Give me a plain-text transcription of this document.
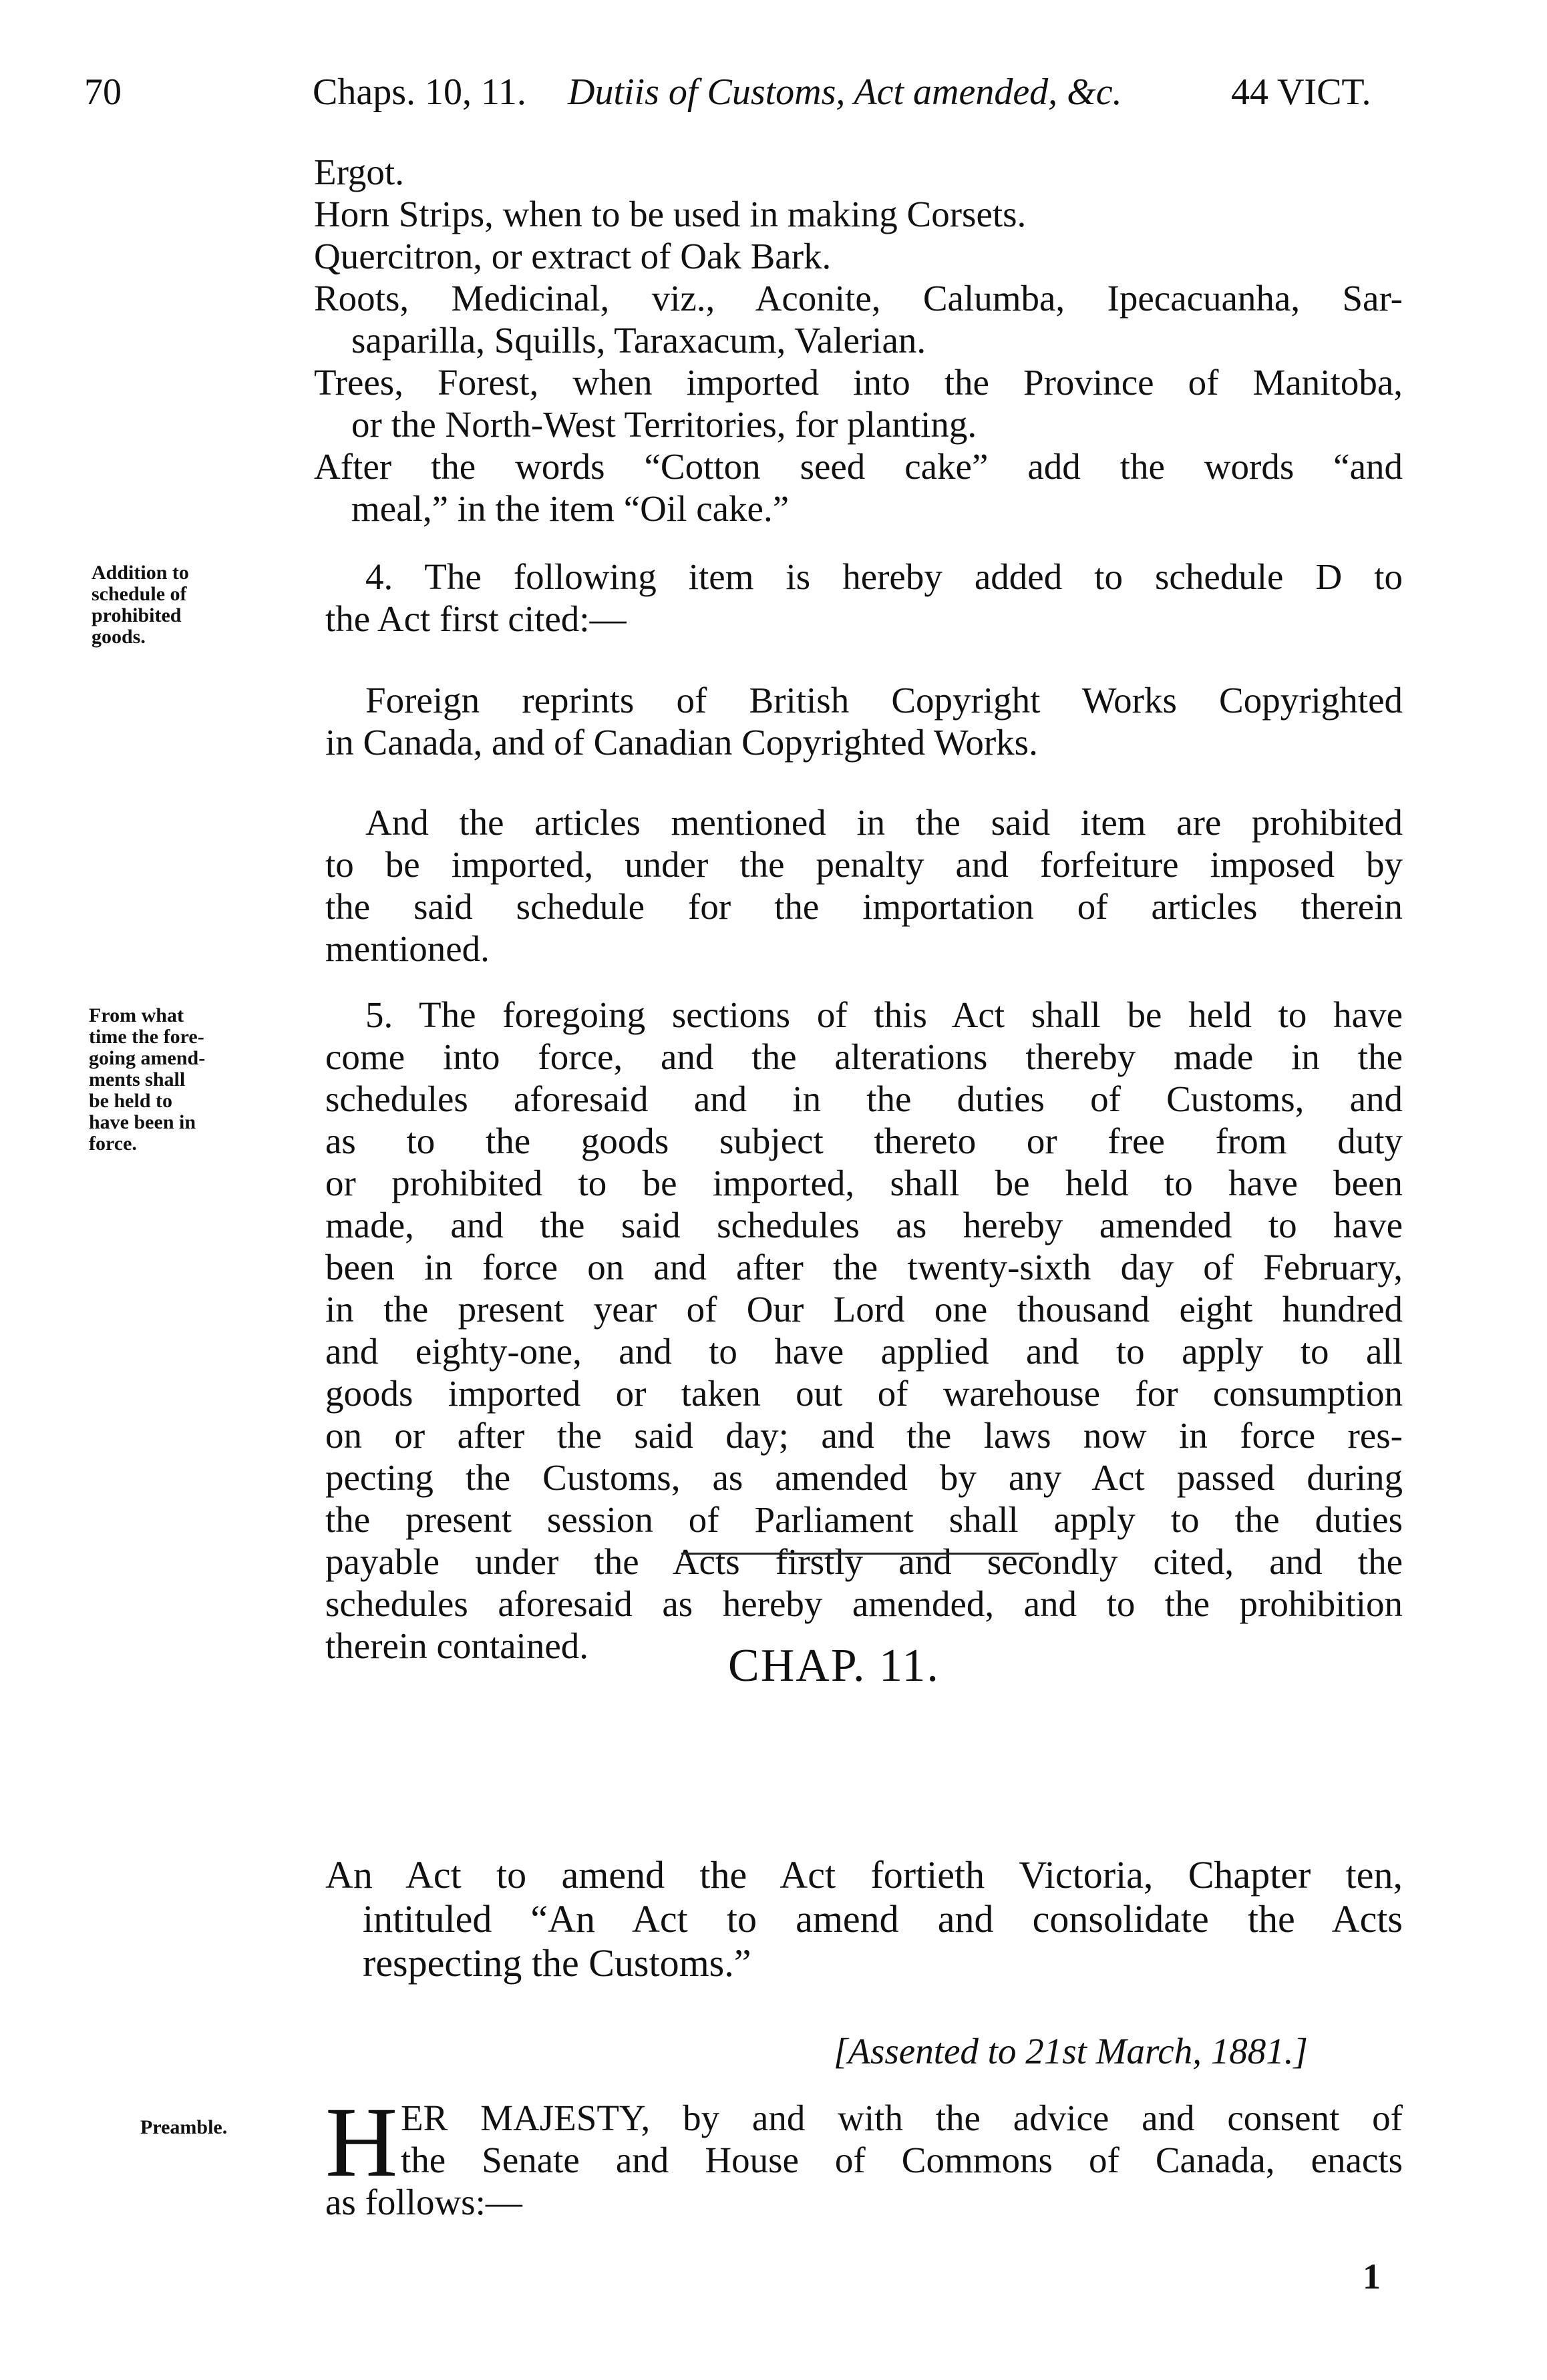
70	Chaps. 10, 11. Dutiis of Customs, Act amended, &c.	44 VICT.
Ergot.
Horn Strips, when to be used in making Corsets.
Quercitron, or extract of Oak Bark.
Roots, Medicinal, viz., Aconite, Calumba, Ipecacuanha, Sar-
saparilla, Squills, Taraxacum, Valerian.
Trees, Forest, when imported into the Province of Manitoba,
or the North-West Territories, for planting.
After the words “Cotton seed cake” add the words “and
meal,” in the item “Oil cake.”
Addition to
schedule of
prohibited
goods.
4. The following item is hereby added to schedule D to
the Act first cited:—
Foreign reprints of British Copyright Works Copyrighted
in Canada, and of Canadian Copyrighted Works.
And the articles mentioned in the said item are prohibited
to be imported, under the penalty and forfeiture imposed by
the said schedule for the importation of articles therein
mentioned.
From what
time the fore-
going amend-
ments shall
be held to
have been in
force.
5. The foregoing sections of this Act shall be held to have
come into force, and the alterations thereby made in the
schedules aforesaid and in the duties of Customs, and
as to the goods subject thereto or free from duty
or prohibited to be imported, shall be held to have been
made, and the said schedules as hereby amended to have
been in force on and after the twenty-sixth day of February,
in the present year of Our Lord one thousand eight hundred
and eighty-one, and to have applied and to apply to all
goods imported or taken out of warehouse for consumption
on or after the said day; and the laws now in force res-
pecting the Customs, as amended by any Act passed during
the present session of Parliament shall apply to the duties
payable under the Acts firstly and secondly cited, and the
schedules aforesaid as hereby amended, and to the prohibition
therein contained.	CHAP. 11.
An Act to amend the Act fortieth Victoria, Chapter ten,
intituled “An Act to amend and consolidate the Acts
respecting the Customs.”
[Assented to 21st March, 1881.]
Preamble. H ER MAJESTY, by and with the advice and consent of
the Senate and House of Commons of Canada, enacts
as follows:—
1
